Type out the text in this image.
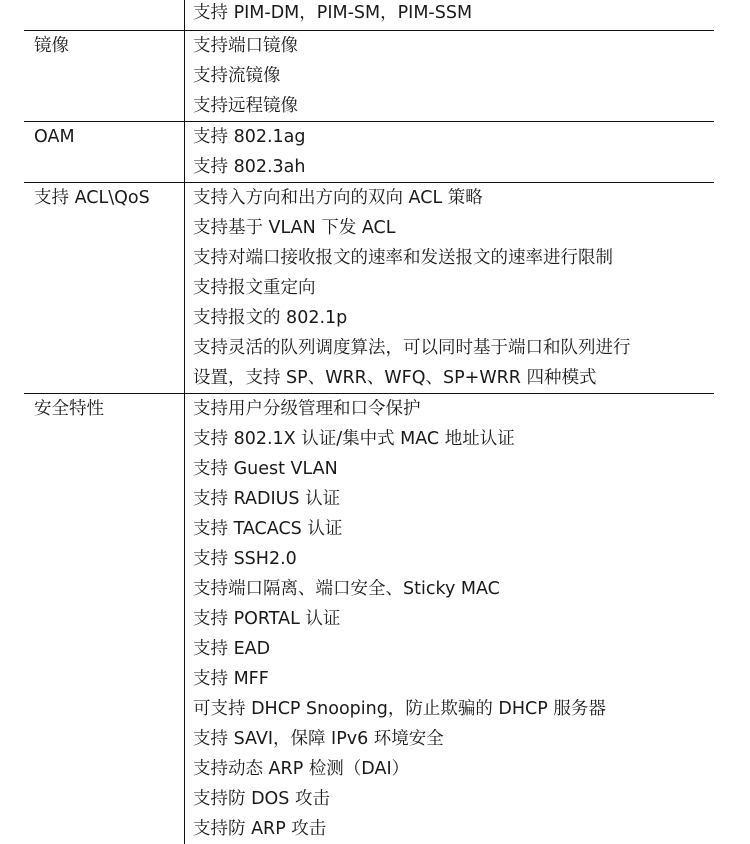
支持 PIM-DM，PIM-SM，PIM-SSM
镜像	支持端口镜像
支持流镜像
支持远程镜像
OAM	支持 802.1ag
支持 802.3ah
支持 ACL\QoS	支持入方向和出方向的双向 ACL 策略
支持基于 VLAN 下发 ACL
支持对端口接收报文的速率和发送报文的速率进行限制
支持报文重定向
支持报文的 802.1p
支持灵活的队列调度算法，可以同时基于端口和队列进行
设置，支持 SP、WRR、WFQ、SP+WRR 四种模式
安全特性	支持用户分级管理和口令保护
支持 802.1X 认证/集中式 MAC 地址认证
支持 Guest VLAN
支持 RADIUS 认证
支持 TACACS 认证
支持 SSH2.0
支持端口隔离、端口安全、Sticky MAC
支持 PORTAL 认证
支持 EAD
支持 MFF
可支持 DHCP Snooping，防止欺骗的 DHCP 服务器
支持 SAVI，保障 IPv6 环境安全
支持动态 ARP 检测（DAI）
支持防 DOS 攻击
支持防 ARP 攻击
